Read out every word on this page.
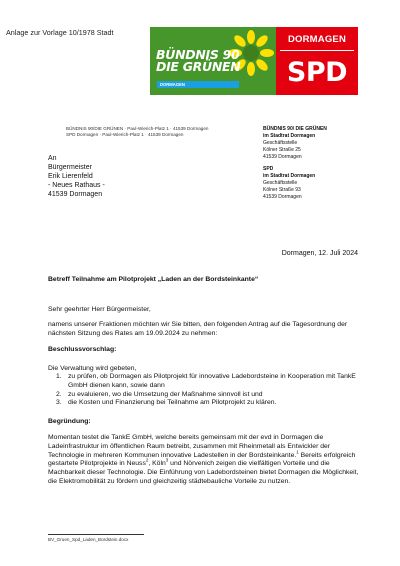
Anlage zur Vorlage 10/1978 Stadt
BÜNDNIS 90
DIE GRÜNEN
DORMAGEN
DORMAGEN
SPD
BÜNDNIS 90/DIE GRÜNEN · Paul-Wierich-Platz 1 · 41539 Dormagen
SPD Dormagen · Paul-Wierich-Platz 1 · 41539 Dormagen
An
Bürgermeister
Erik Lierenfeld
- Neues Rathaus -
41539 Dormagen
BÜNDNIS 90/ DIE GRÜNEN
im Stadtrat Dormagen
Geschäftsstelle
Kölner Straße 25
41539 Dormagen
SPD
im Stadtrat Dormagen
Geschäftsstelle
Kölner Straße 93
41539 Dormagen
Dormagen, 12. Juli 2024
Betreff Teilnahme am Pilotprojekt „Laden an der Bordsteinkante“
Sehr geehrter Herr Bürgermeister,
namens unserer Fraktionen möchten wir Sie bitten, den folgenden Antrag auf die Tagesordnung der nächsten Sitzung des Rates am 19.09.2024 zu nehmen:
Beschlussvorschlag:
Die Verwaltung wird gebeten,
1. zu prüfen, ob Dormagen als Pilotprojekt für innovative Ladebordsteine in Kooperation mit TankE GmbH dienen kann, sowie dann
2. zu evaluieren, wo die Umsetzung der Maßnahme sinnvoll ist und
3. die Kosten und Finanzierung bei Teilnahme am Pilotprojekt zu klären.
Begründung:
Momentan testet die TankE GmbH, welche bereits gemeinsam mit der evd in Dormagen die Ladeinfrastruktur im öffentlichen Raum betreibt, zusammen mit Rheinmetall als Entwickler der Technologie in mehreren Kommunen innovative Ladestellen in der Bordsteinkante.$^1$ Bereits erfolgreich gestartete Pilotprojekte in Neuss$^2$, Köln$^3$ und Nörvenich zeigen die vielfältigen Vorteile und die Machbarkeit dieser Technologie. Die Einführung von Ladebordsteinen bietet Dormagen die Möglichkeit, die Elektromobilität zu fördern und gleichzeitig städtebauliche Vorteile zu nutzen.
BV_Gruen_Spd_Laden_Bordstein.docx
